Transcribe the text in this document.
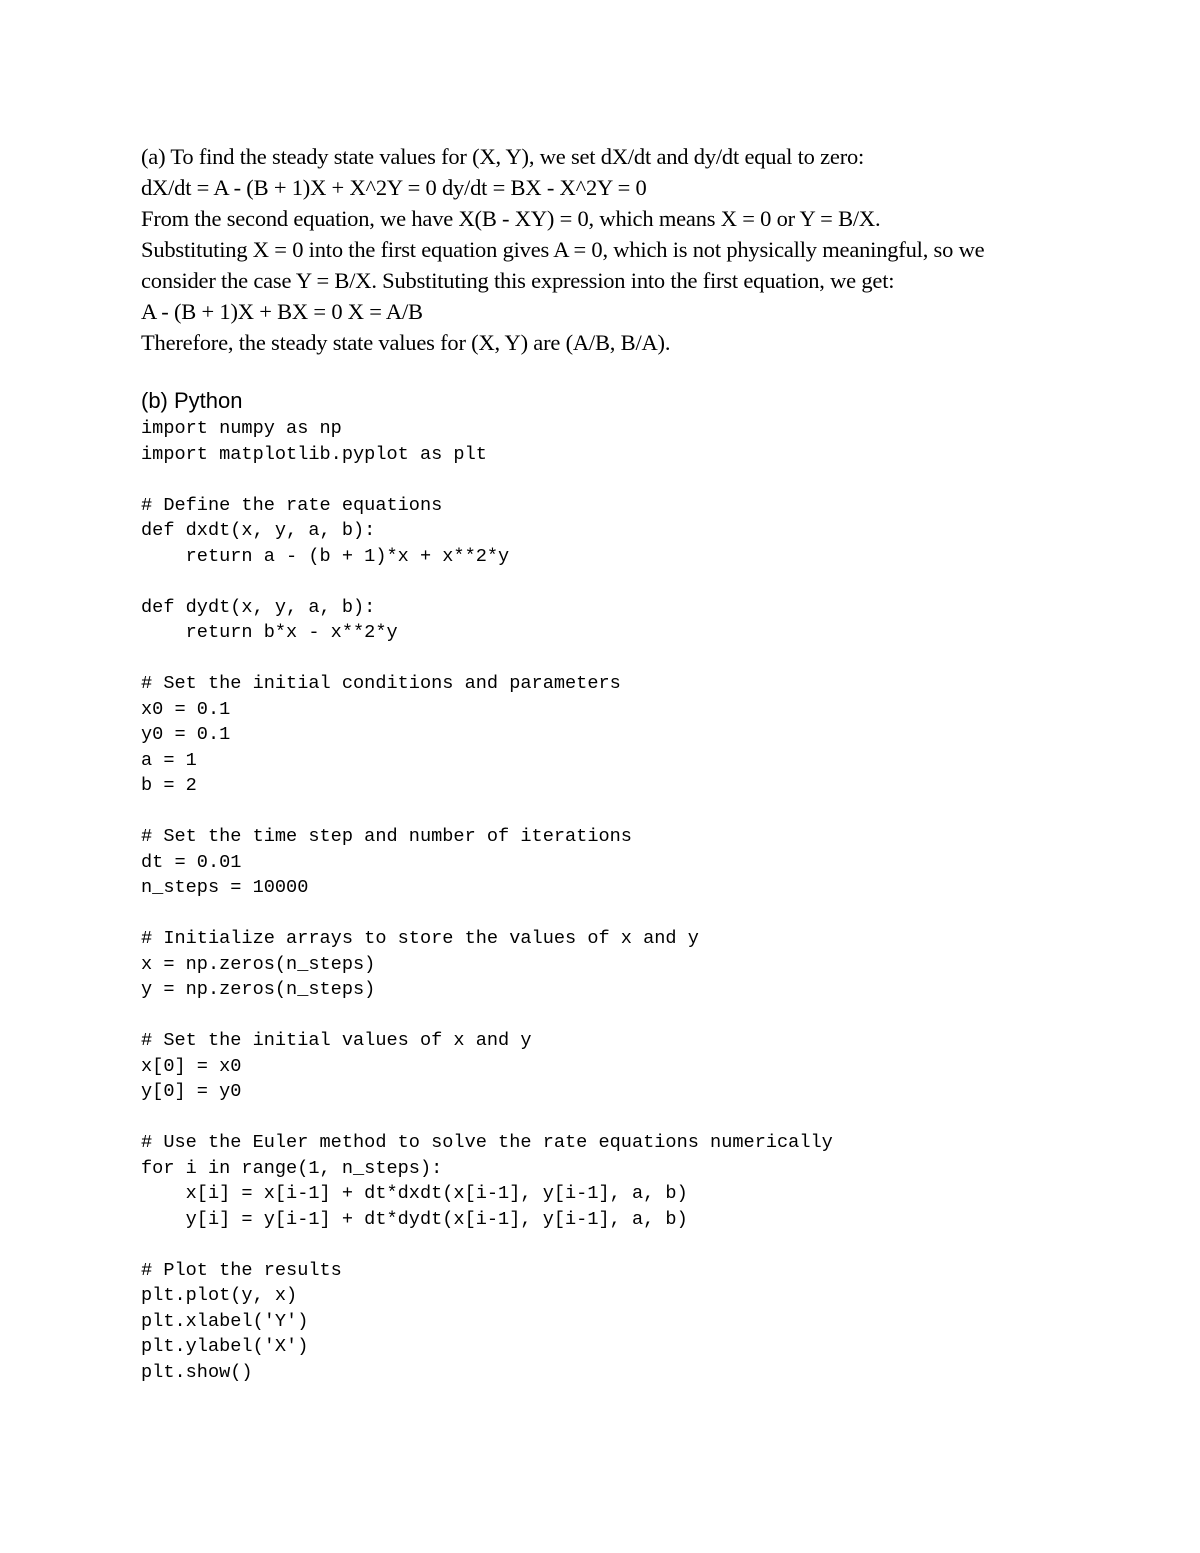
(a) To find the steady state values for (X, Y), we set dX/dt and dy/dt equal to zero:
dX/dt = A - (B + 1)X + X^2Y = 0 dy/dt = BX - X^2Y = 0
From the second equation, we have X(B - XY) = 0, which means X = 0 or Y = B/X.
Substituting X = 0 into the first equation gives A = 0, which is not physically meaningful, so we
consider the case Y = B/X. Substituting this expression into the first equation, we get:
A - (B + 1)X + BX = 0 X = A/B
Therefore, the steady state values for (X, Y) are (A/B, B/A).
(b) Python
import numpy as np
import matplotlib.pyplot as plt
# Define the rate equations
def dxdt(x, y, a, b):
return a - (b + 1)*x + x**2*y
def dydt(x, y, a, b):
return b*x - x**2*y
# Set the initial conditions and parameters
x0 = 0.1
y0 = 0.1
a = 1
b = 2
# Set the time step and number of iterations
dt = 0.01
n_steps = 10000
# Initialize arrays to store the values of x and y
x = np.zeros(n_steps)
y = np.zeros(n_steps)
# Set the initial values of x and y
x[0] = x0
y[0] = y0
# Use the Euler method to solve the rate equations numerically
for i in range(1, n_steps):
x[i] = x[i-1] + dt*dxdt(x[i-1], y[i-1], a, b)
y[i] = y[i-1] + dt*dydt(x[i-1], y[i-1], a, b)
# Plot the results
plt.plot(y, x)
plt.xlabel('Y')
plt.ylabel('X')
plt.show()
